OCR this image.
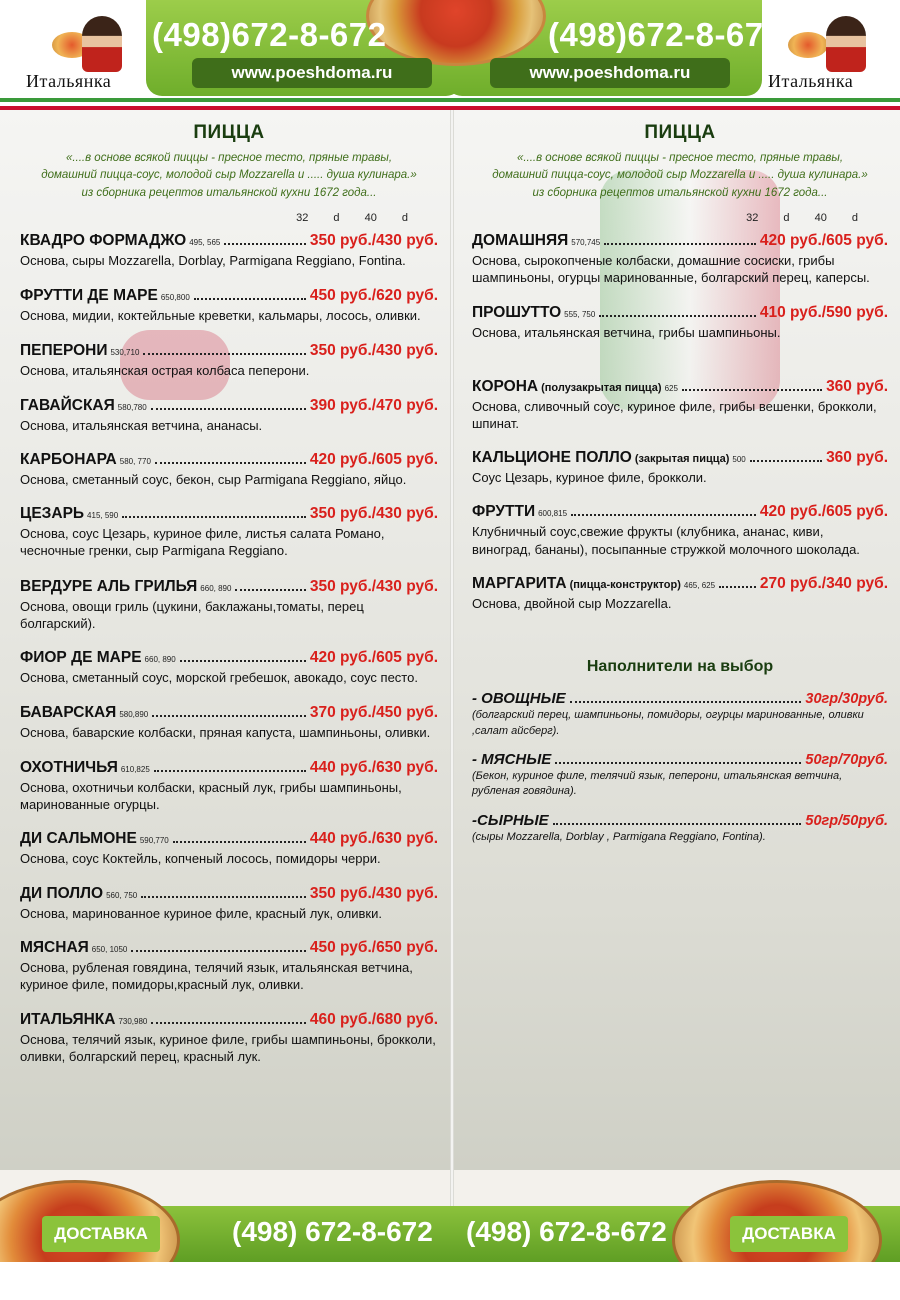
Итальянка
(498)672-8-672	(498)672-8-672
www.poeshdoma.ru	www.poeshdoma.ru	Итальянка
ПИЦЦА
«....в основе всякой пиццы - пресное тесто, пряные травы,
домашний пицца-соус, молодой сыр Mozzarella и ..... душа кулинара.»
из сборника рецептов итальянской кухни 1672 года...
32 d 40 d
КВАДРО ФОРМАДЖО 495, 565	350 руб./430 руб.
Основа, сыры Mozzarella, Dorblay, Parmigana Reggiano, Fontina.
ФРУТТИ ДЕ МАРЕ 650,800	450 руб./620 руб.
Основа, мидии, коктейльные креветки, кальмары, лосось, оливки.
ПЕПЕРОНИ 530,710	350 руб./430 руб.
Основа, итальянская острая колбаса пеперони.
ГАВАЙСКАЯ 580,780	390 руб./470 руб.
Основа, итальянская ветчина, ананасы.
КАРБОНАРА 580, 770	420 руб./605 руб.
Основа, сметанный соус, бекон, сыр Parmigana Reggiano, яйцо.
ЦЕЗАРЬ 415, 590	350 руб./430 руб.
Основа, соус Цезарь, куриное филе, листья салата Романо, чесночные гренки, сыр Parmigana Reggiano.
ВЕРДУРЕ АЛЬ ГРИЛЬЯ 660, 890	350 руб./430 руб.
Основа, овощи гриль (цукини, баклажаны,томаты, перец болгарский).
ФИОР ДЕ МАРЕ 660, 890	420 руб./605 руб.
Основа, сметанный соус, морской гребешок, авокадо, соус песто.
БАВАРСКАЯ 580,890	370 руб./450 руб.
Основа, баварские колбаски, пряная капуста, шампиньоны, оливки.
ОХОТНИЧЬЯ 610,825	440 руб./630 руб.
Основа, охотничьи колбаски, красный лук, грибы шампиньоны, маринованные огурцы.
ДИ САЛЬМОНЕ 590,770	440 руб./630 руб.
Основа, соус Коктейль, копченый лосось, помидоры черри.
ДИ ПОЛЛО 560, 750	350 руб./430 руб.
Основа, маринованное куриное филе, красный лук, оливки.
МЯСНАЯ 650, 1050	450 руб./650 руб.
Основа, рубленая говядина, телячий язык, итальянская ветчина, куриное филе, помидоры,красный лук, оливки.
ИТАЛЬЯНКА 730,980	460 руб./680 руб.
Основа, телячий язык, куриное филе, грибы шампиньоны, брокколи, оливки, болгарский перец, красный лук.
ПИЦЦА
«....в основе всякой пиццы - пресное тесто, пряные травы,
домашний пицца-соус, молодой сыр Mozzarella и ..... душа кулинара.»
из сборника рецептов итальянской кухни 1672 года...
32 d 40 d
ДОМАШНЯЯ 570,745	420 руб./605 руб.
Основа, сырокопченые колбаски, домашние сосиски, грибы шампиньоны, огурцы маринованные, болгарский перец, каперсы.
ПРОШУТТО 555, 750	410 руб./590 руб.
Основа, итальянская ветчина, грибы шампиньоны.
КОРОНА (полузакрытая пицца) 625	360 руб.
Основа, сливочный соус, куриное филе, грибы вешенки, брокколи, шпинат.
КАЛЬЦИОНЕ ПОЛЛО (закрытая пицца) 500	360 руб.
Соус Цезарь, куриное филе, брокколи.
ФРУТТИ 600,815	420 руб./605 руб.
Клубничный соус,свежие фрукты (клубника, ананас, киви, виноград, бананы), посыпанные стружкой молочного шоколада.
МАРГАРИТА (пицца-конструктор) 465, 625	270 руб./340 руб.
Основа, двойной сыр Mozzarella.
Наполнители на выбор
- ОВОЩНЫЕ	30гр/30руб.
(болгарский перец, шампиньоны, помидоры, огурцы маринованные, оливки ,салат айсберг).
- МЯСНЫЕ	50гр/70руб.
(Бекон, куриное филе, телячий язык, пеперони, итальянская ветчина, рубленая говядина).
-СЫРНЫЕ	50гр/50руб.
(сыры Mozzarella, Dorblay , Parmigana Reggiano, Fontina).
ДОСТАВКА	ДОСТАВКА
(498) 672-8-672 (498) 672-8-672
